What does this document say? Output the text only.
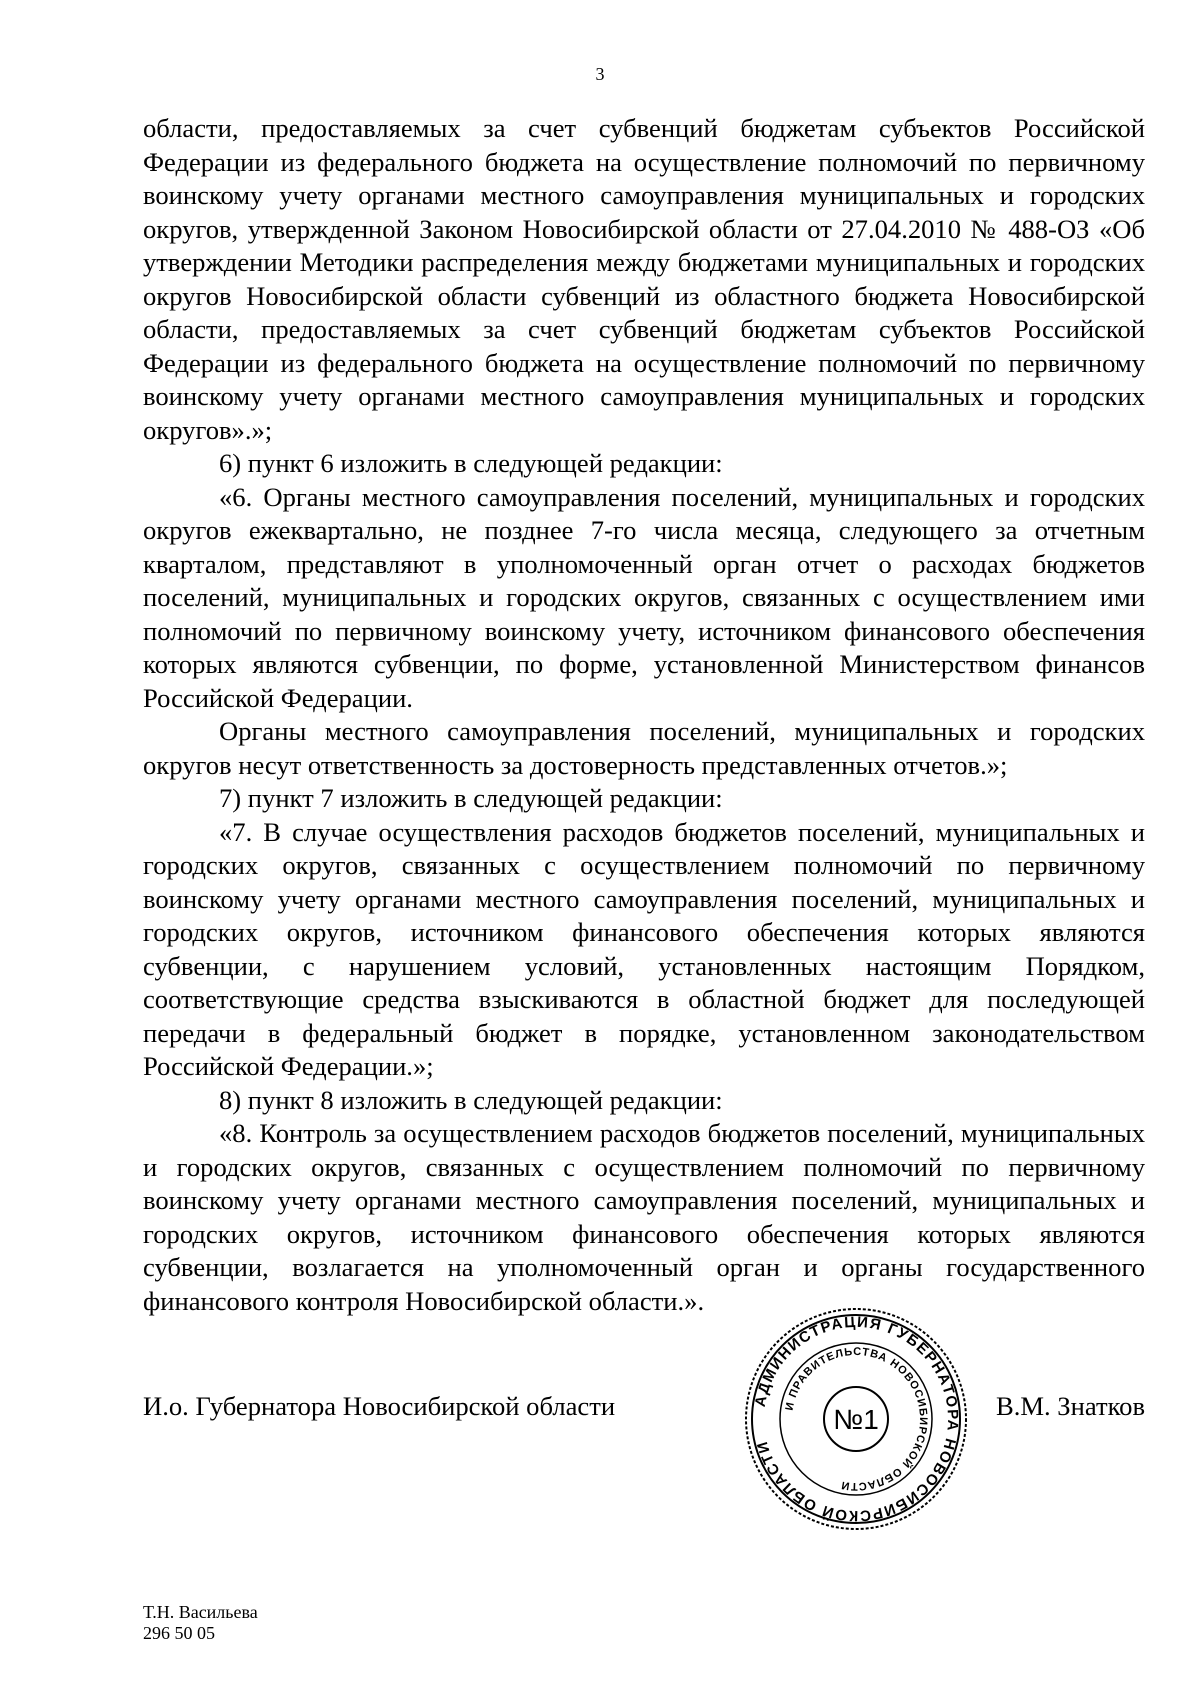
3

области, предоставляемых за счет субвенций бюджетам субъектов Российской Федерации из федерального бюджета на осуществление полномочий по первичному воинскому учету органами местного самоуправления муниципальных и городских округов, утвержденной Законом Новосибирской области от 27.04.2010 № 488-ОЗ «Об утверждении Методики распределения между бюджетами муниципальных и городских округов Новосибирской области субвенций из областного бюджета Новосибирской области, предоставляемых за счет субвенций бюджетам субъектов Российской Федерации из федерального бюджета на осуществление полномочий по первичному воинскому учету органами местного самоуправления муниципальных и городских округов».»;

6) пункт 6 изложить в следующей редакции:

«6. Органы местного самоуправления поселений, муниципальных и городских округов ежеквартально, не позднее 7-го числа месяца, следующего за отчетным кварталом, представляют в уполномоченный орган отчет о расходах бюджетов поселений, муниципальных и городских округов, связанных с осуществлением ими полномочий по первичному воинскому учету, источником финансового обеспечения которых являются субвенции, по форме, установленной Министерством финансов Российской Федерации.

Органы местного самоуправления поселений, муниципальных и городских округов несут ответственность за достоверность представленных отчетов.»;

7) пункт 7 изложить в следующей редакции:

«7. В случае осуществления расходов бюджетов поселений, муниципальных и городских округов, связанных с осуществлением полномочий по первичному воинскому учету органами местного самоуправления поселений, муниципальных и городских округов, источником финансового обеспечения которых являются субвенции, с нарушением условий, установленных настоящим Порядком, соответствующие средства взыскиваются в областной бюджет для последующей передачи в федеральный бюджет в порядке, установленном законодательством Российской Федерации.»;

8) пункт 8 изложить в следующей редакции:

«8. Контроль за осуществлением расходов бюджетов поселений, муниципальных и городских округов, связанных с осуществлением полномочий по первичному воинскому учету органами местного самоуправления поселений, муниципальных и городских округов, источником финансового обеспечения которых являются субвенции, возлагается на уполномоченный орган и органы государственного финансового контроля Новосибирской области.».

И.о. Губернатора Новосибирской области	АДМИНИСТРАЦИЯ ГУБЕРНАТОРА НОВОСИБИРСКОЙ ОБЛАСТИ
И ПРАВИТЕЛЬСТВА НОВОСИБИРСКОЙ ОБЛАСТИ
№1	В.М. Знатков
Т.Н. Васильева
296 50 05
